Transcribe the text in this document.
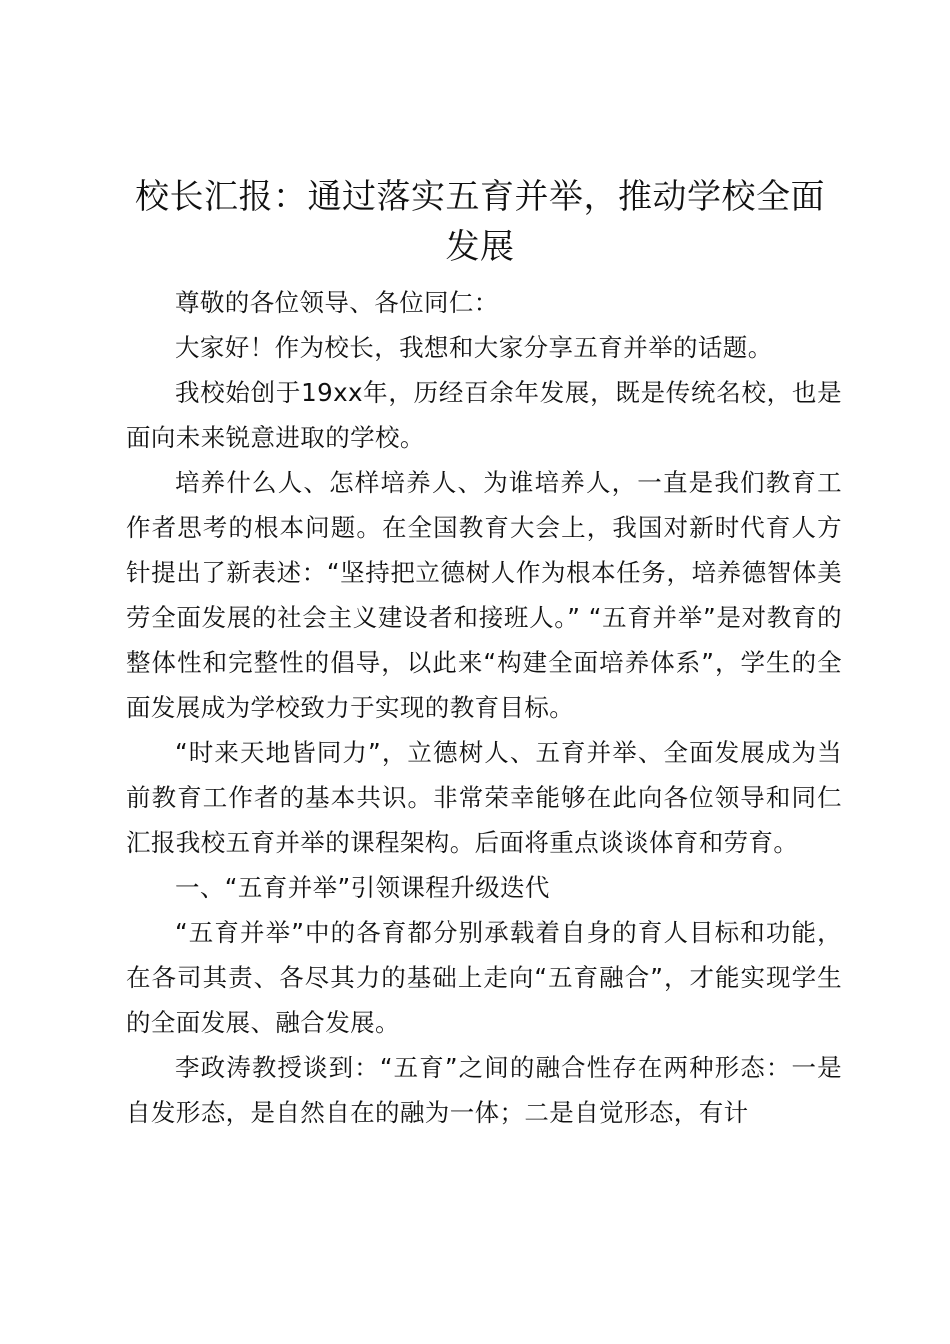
校长汇报：通过落实五育并举，推动学校全面发展

尊敬的各位领导、各位同仁：

大家好！作为校长，我想和大家分享五育并举的话题。

我校始创于19xx年，历经百余年发展，既是传统名校，也是面向未来锐意进取的学校。

培养什么人、怎样培养人、为谁培养人，一直是我们教育工作者思考的根本问题。在全国教育大会上，我国对新时代育人方针提出了新表述：“坚持把立德树人作为根本任务，培养德智体美劳全面发展的社会主义建设者和接班人。” “五育并举”是对教育的整体性和完整性的倡导，以此来“构建全面培养体系”，学生的全面发展成为学校致力于实现的教育目标。

“时来天地皆同力”，立德树人、五育并举、全面发展成为当前教育工作者的基本共识。非常荣幸能够在此向各位领导和同仁汇报我校五育并举的课程架构。后面将重点谈谈体育和劳育。

一、“五育并举”引领课程升级迭代

“五育并举”中的各育都分别承载着自身的育人目标和功能，在各司其责、各尽其力的基础上走向“五育融合”，才能实现学生的全面发展、融合发展。

李政涛教授谈到：“五育”之间的融合性存在两种形态：一是自发形态，是自然自在的融为一体；二是自觉形态，有计
